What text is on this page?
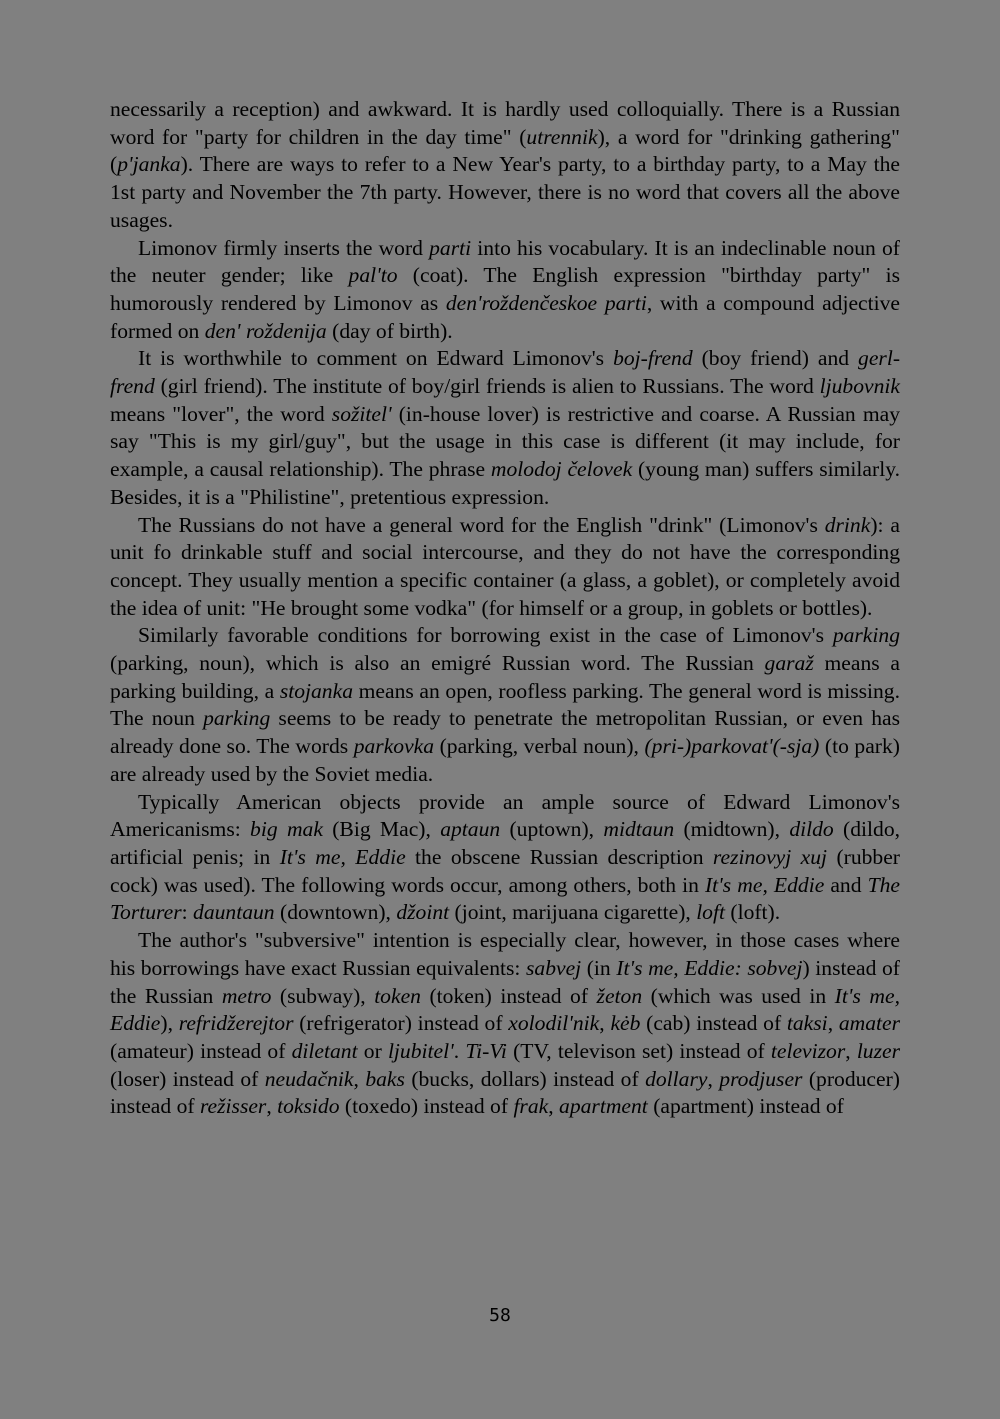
necessarily a reception) and awkward. It is hardly used colloquially. There is a Russian word for "party for children in the day time" (utrennik), a word for "drinking gathering" (p'janka). There are ways to refer to a New Year's party, to a birthday party, to a May the 1st party and November the 7th party. However, there is no word that covers all the above usages.

Limonov firmly inserts the word parti into his vocabulary. It is an indeclinable noun of the neuter gender; like pal'to (coat). The English expression "birthday party" is humorously rendered by Limonov as den'roždenčeskoe parti, with a compound adjective formed on den' roždenija (day of birth).

It is worthwhile to comment on Edward Limonov's boj-frend (boy friend) and gerl-frend (girl friend). The institute of boy/girl friends is alien to Russians. The word ljubovnik means "lover", the word sožitel' (in-house lover) is restrictive and coarse. A Russian may say "This is my girl/guy", but the usage in this case is different (it may include, for example, a causal relationship). The phrase molodoj čelovek (young man) suffers similarly. Besides, it is a "Philistine", pretentious expression.

The Russians do not have a general word for the English "drink" (Limonov's drink): a unit fo drinkable stuff and social intercourse, and they do not have the corresponding concept. They usually mention a specific container (a glass, a goblet), or completely avoid the idea of unit: "He brought some vodka" (for himself or a group, in goblets or bottles).

Similarly favorable conditions for borrowing exist in the case of Limonov's parking (parking, noun), which is also an emigré Russian word. The Russian garaž means a parking building, a stojanka means an open, roofless parking. The general word is missing. The noun parking seems to be ready to penetrate the metropolitan Russian, or even has already done so. The words parkovka (parking, verbal noun), (pri-)parkovat'(-sja) (to park) are already used by the Soviet media.

Typically American objects provide an ample source of Edward Limonov's Americanisms: big mak (Big Mac), aptaun (uptown), midtaun (midtown), dildo (dildo, artificial penis; in It's me, Eddie the obscene Russian description rezinovyj xuj (rubber cock) was used). The following words occur, among others, both in It's me, Eddie and The Torturer: dauntaun (downtown), džoint (joint, marijuana cigarette), loft (loft).

The author's "subversive" intention is especially clear, however, in those cases where his borrowings have exact Russian equivalents: sabvej (in It's me, Eddie: sobvej) instead of the Russian metro (subway), token (token) instead of žeton (which was used in It's me, Eddie), refridžerejtor (refrigerator) instead of xolodil'nik, kėb (cab) instead of taksi, amater (amateur) instead of diletant or ljubitel'. Ti-Vi (TV, televison set) instead of televizor, luzer (loser) instead of neudačnik, baks (bucks, dollars) instead of dollary, prodjuser (producer) instead of režisser, toksido (toxedo) instead of frak, apartment (apartment) instead of

58
